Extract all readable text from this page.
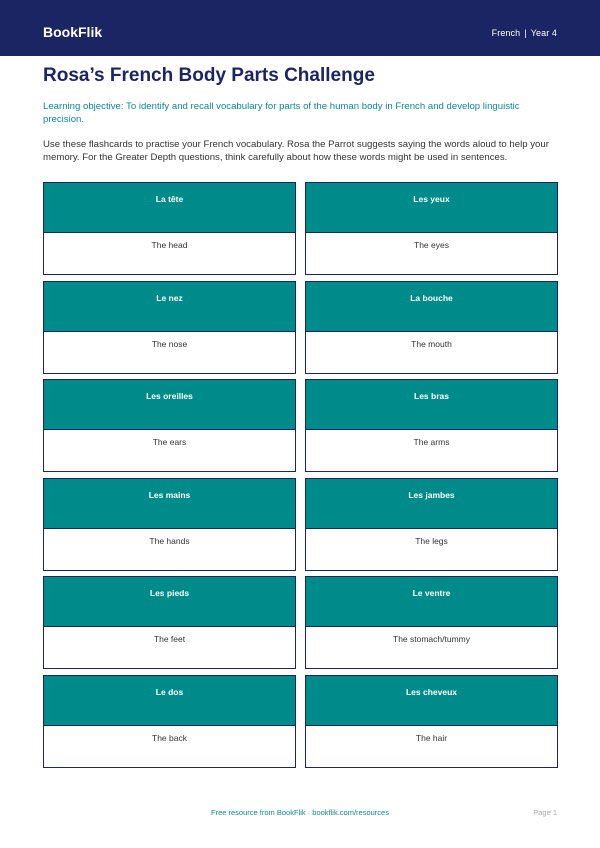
BookFlik	French | Year 4
Rosa’s French Body Parts Challenge

Learning objective: To identify and recall vocabulary for parts of the human body in French and develop linguistic precision.

Use these flashcards to practise your French vocabulary. Rosa the Parrot suggests saying the words aloud to help your memory. For the Greater Depth questions, think carefully about how these words might be used in sentences.

La tête
The head
Les yeux
The eyes
Le nez
The nose
La bouche
The mouth
Les oreilles
The ears
Les bras
The arms
Les mains
The hands
Les jambes
The legs
Les pieds
The feet
Le ventre
The stomach/tummy
Le dos
The back
Les cheveux
The hair
Free resource from BookFlik · bookflik.com/resources	Page 1
